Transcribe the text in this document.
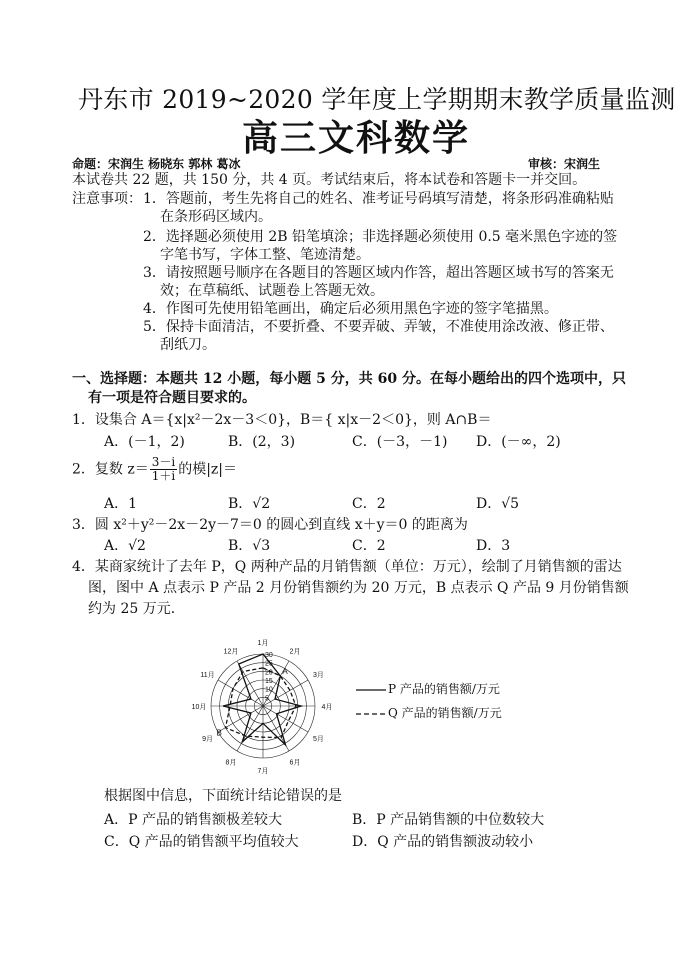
丹东市 2019~2020 学年度上学期期末教学质量监测
高三文科数学
命题：宋润生 杨晓东 郭林 葛冰	审核：宋润生
本试卷共 22 题，共 150 分，共 4 页。考试结束后，将本试卷和答题卡一并交回。
注意事项： 1．答题前，考生先将自己的姓名、准考证号码填写清楚，将条形码准确粘贴
在条形码区域内。
2．选择题必须使用 2B 铅笔填涂；非选择题必须使用 0.5 毫米黑色字迹的签
字笔书写，字体工整、笔迹清楚。
3．请按照题号顺序在各题目的答题区域内作答，超出答题区域书写的答案无
效；在草稿纸、试题卷上答题无效。
4．作图可先使用铅笔画出，确定后必须用黑色字迹的签字笔描黑。
5．保持卡面清洁，不要折叠、不要弄破、弄皱，不准使用涂改液、修正带、
刮纸刀。
一、选择题：本题共 12 小题，每小题 5 分，共 60 分。在每小题给出的四个选项中，只
有一项是符合题目要求的。
1．设集合 A＝{x|x²－2x－3＜0}，B＝{ x|x－2＜0}，则 A∩B＝
A．(－1，2)	B．(2，3)	C．(－3，－1) D．(－∞，2)
2．复数 $z= \frac{3-i}{1+i}$ 的模|z|＝
A．1	B．√2	C．2	D．√5
3．圆 x²＋y²－2x－2y－7＝0 的圆心到直线 x＋y＝0 的距离为
A．√2	B．√3	C．2	D．3
4．某商家统计了去年 P，Q 两种产品的月销售额（单位：万元），绘制了月销售额的雷达
图，图中 A 点表示 P 产品 2 月份销售额约为 20 万元，B 点表示 Q 产品 9 月份销售额
约为 25 万元．
30
25
20
15
10
5
1月
2月
3月
4月
5月
6月
7月
8月
9月
10月
11月
12月
A
B
P 产品的销售额/万元
Q 产品的销售额/万元
根据图中信息，下面统计结论错误的是
A．P 产品的销售额极差较大	B．P 产品销售额的中位数较大
C．Q 产品的销售额平均值较大	D．Q 产品的销售额波动较小
